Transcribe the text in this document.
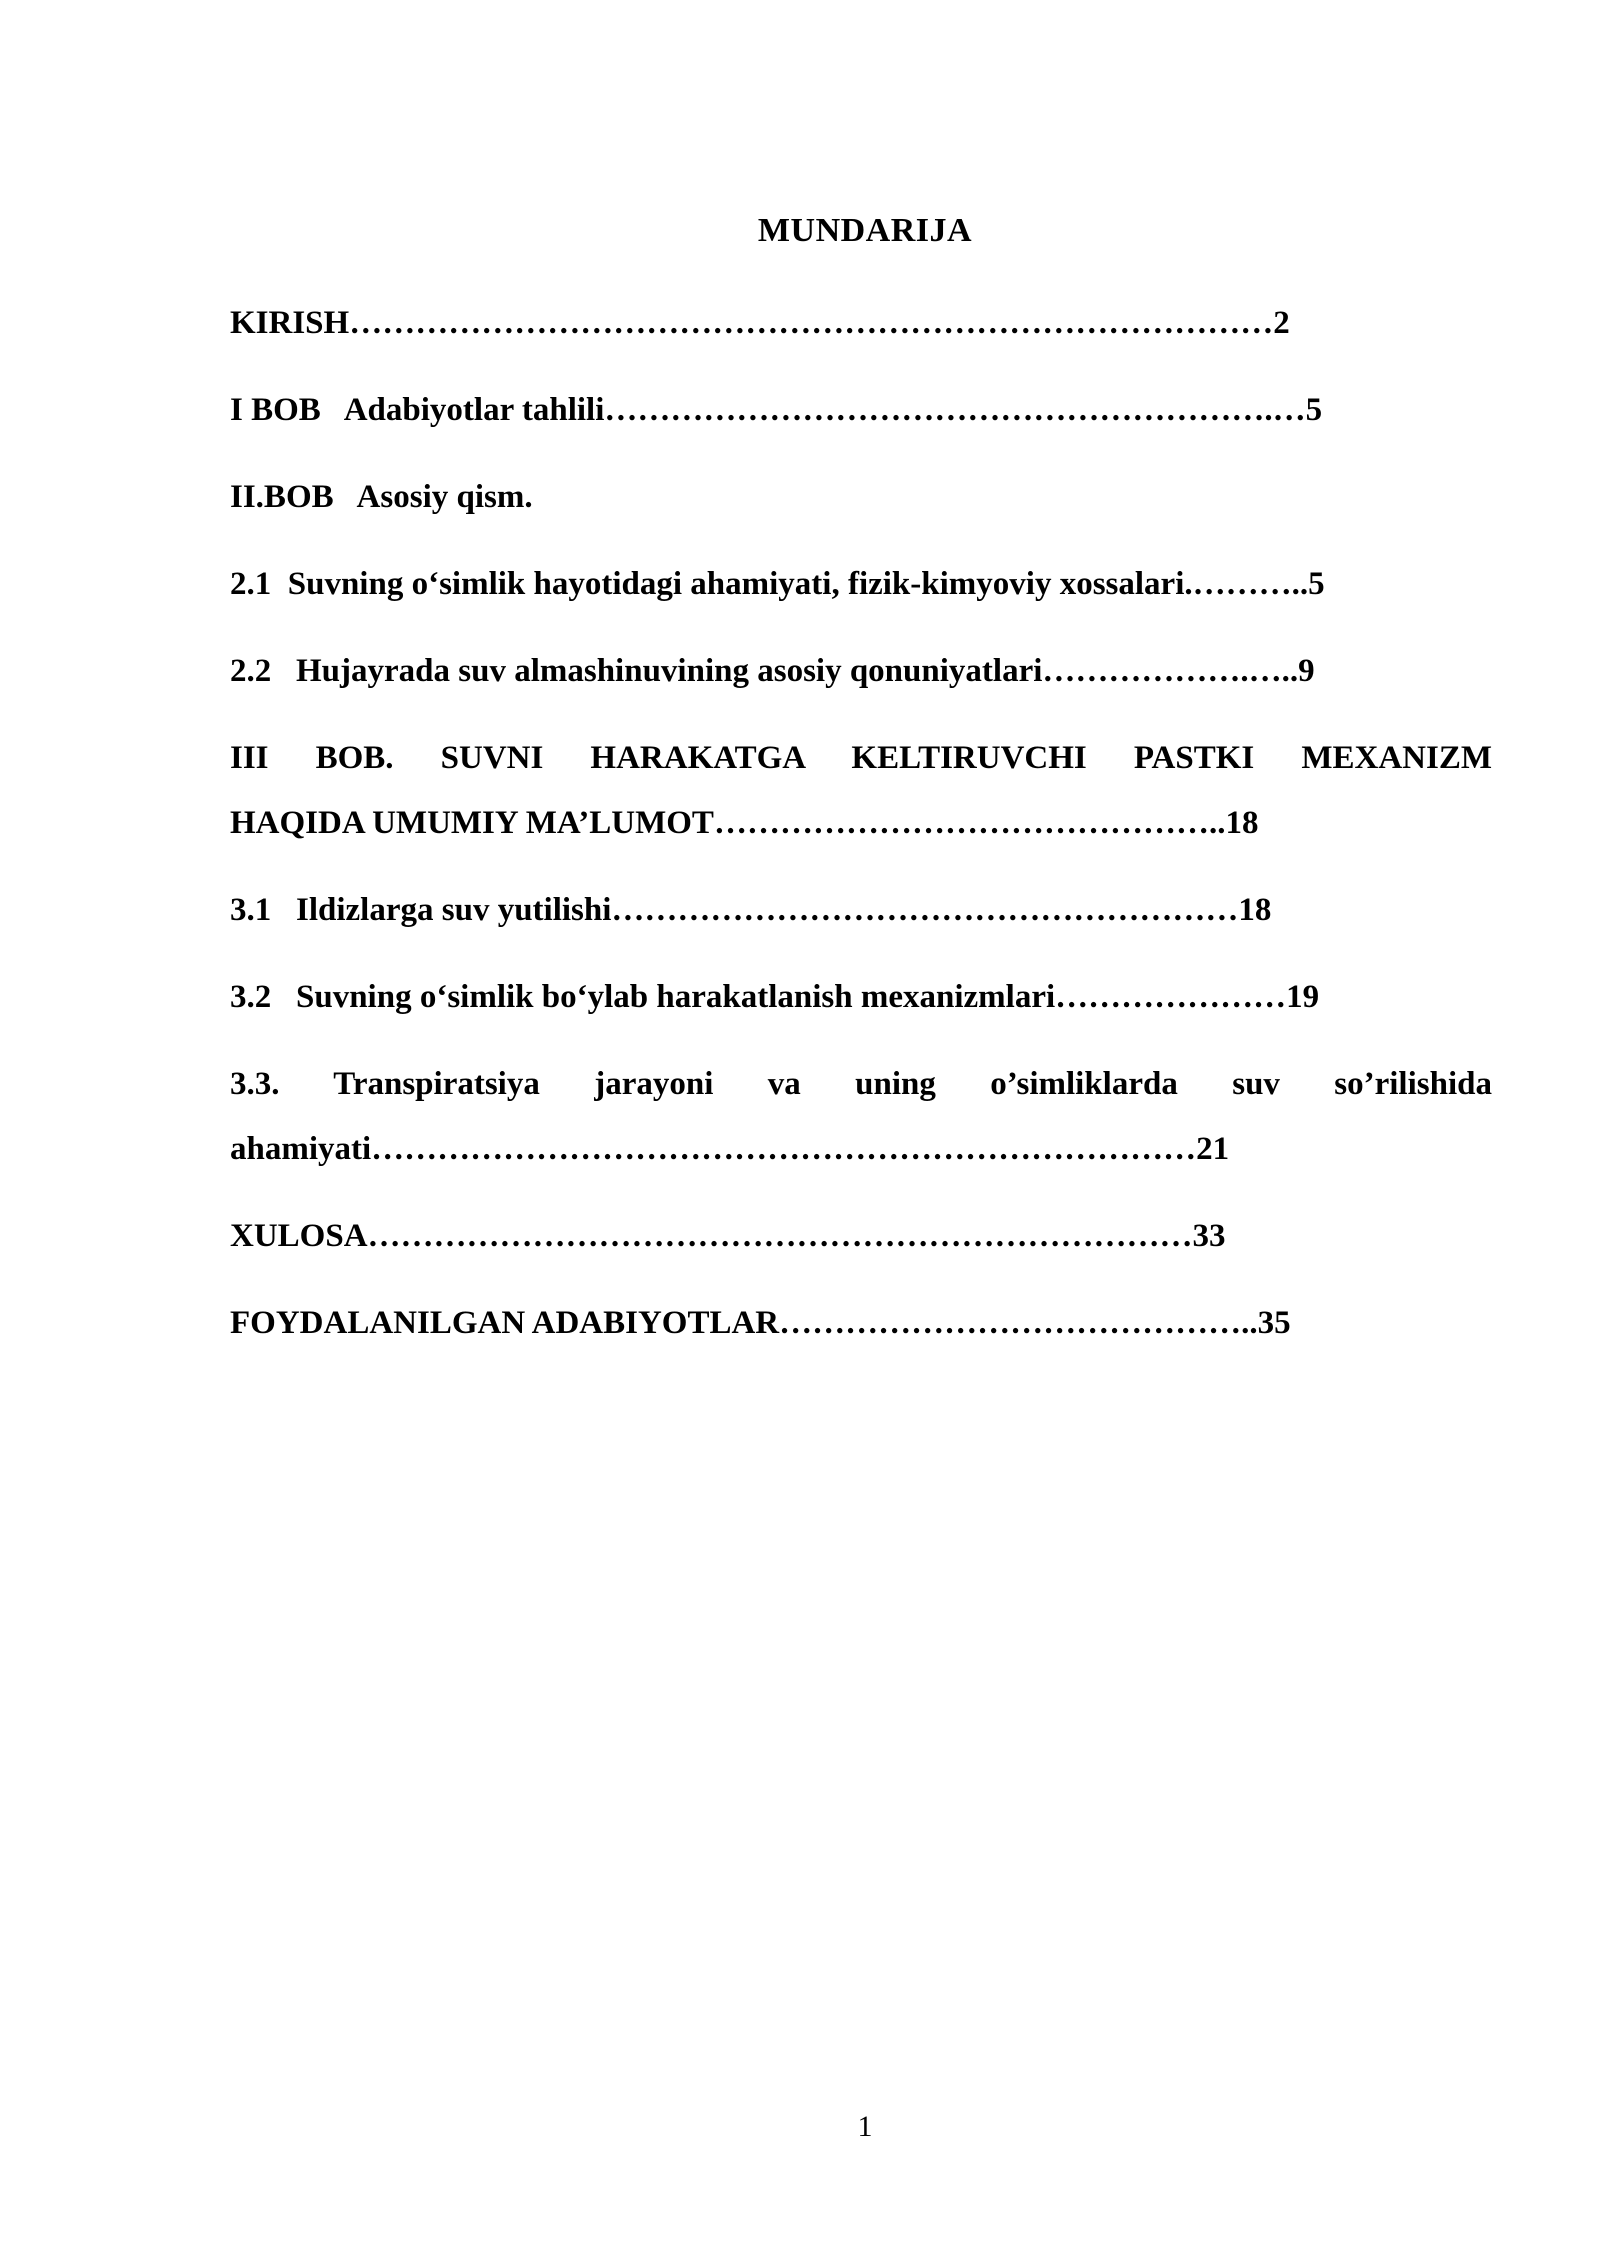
MUNDARIJA
KIRISH…………………………………………………………………………2
I BOB   Adabiyotlar tahlili…………………………………………………….…5
II.BOB   Asosiy qism.
2.1  Suvning o‘simlik hayotidagi ahamiyati, fizik-kimyoviy xossalari.………..5
2.2   Hujayrada suv almashinuvining asosiy qonuniyatlari……………….…..9
III BOB. SUVNI HARAKATGA KELTIRUVCHI PASTKI MEXANIZM
HAQIDA UMUMIY MA’LUMOT………………………………………..18
3.1   Ildizlarga suv yutilishi…………………………………………………18
3.2   Suvning o‘simlik bo‘ylab harakatlanish mexanizmlari…………………19
3.3. Transpiratsiya jarayoni va uning o’simliklarda suv so’rilishida
ahamiyati…………………………………………………………………21
XULOSA…………………………………………………………………33
FOYDALANILGAN ADABIYOTLAR……………………………………..35
1
